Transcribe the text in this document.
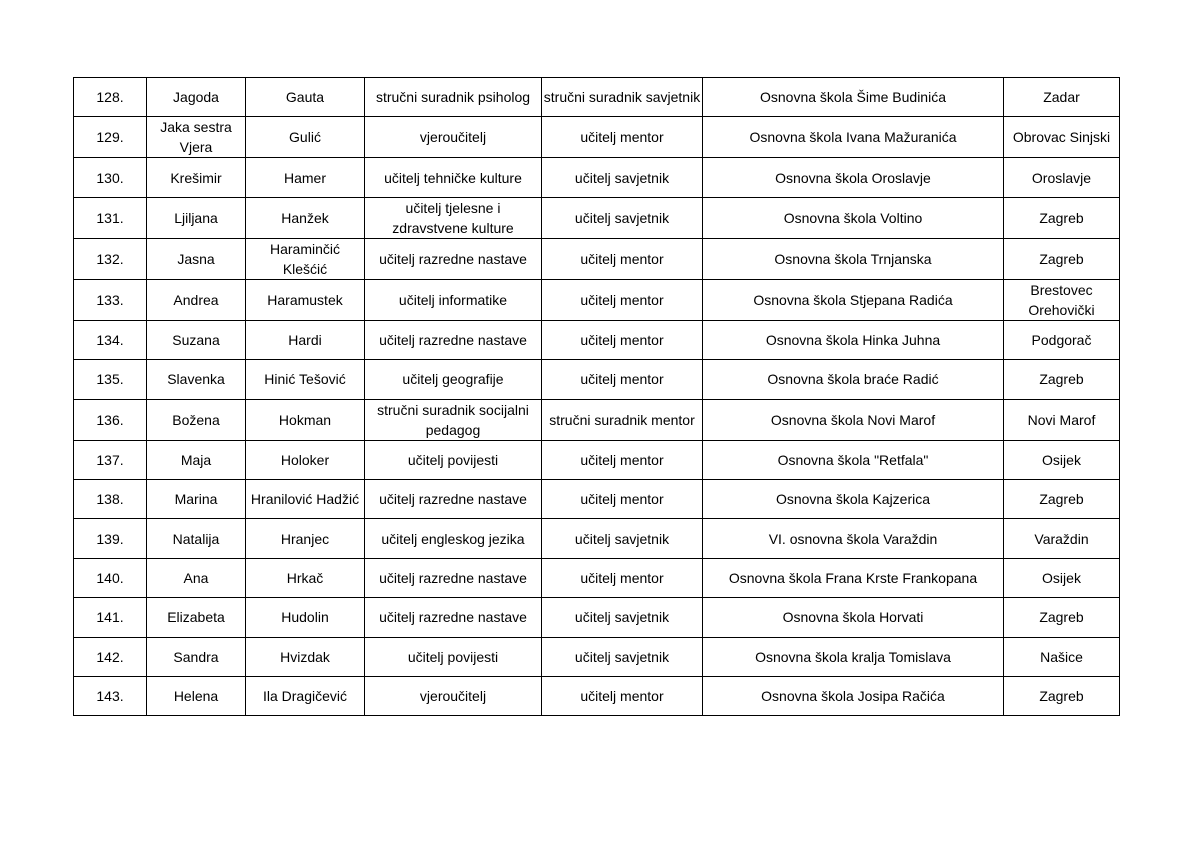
128.	Jagoda	Gauta	stručni suradnik psiholog	stručni suradnik savjetnik	Osnovna škola Šime Budinića	Zadar
129.	Jaka sestra Vjera	Gulić	vjeroučitelj	učitelj mentor	Osnovna škola Ivana Mažuranića	Obrovac Sinjski
130.	Krešimir	Hamer	učitelj tehničke kulture	učitelj savjetnik	Osnovna škola Oroslavje	Oroslavje
131.	Ljiljana	Hanžek	učitelj tjelesne i zdravstvene kulture	učitelj savjetnik	Osnovna škola Voltino	Zagreb
132.	Jasna	Haraminčić Klešćić	učitelj razredne nastave	učitelj mentor	Osnovna škola Trnjanska	Zagreb
133.	Andrea	Haramustek	učitelj informatike	učitelj mentor	Osnovna škola Stjepana Radića	Brestovec Orehovički
134.	Suzana	Hardi	učitelj razredne nastave	učitelj mentor	Osnovna škola Hinka Juhna	Podgorač
135.	Slavenka	Hinić Tešović	učitelj geografije	učitelj mentor	Osnovna škola braće Radić	Zagreb
136.	Božena	Hokman	stručni suradnik socijalni pedagog	stručni suradnik mentor	Osnovna škola Novi Marof	Novi Marof
137.	Maja	Holoker	učitelj povijesti	učitelj mentor	Osnovna škola "Retfala"	Osijek
138.	Marina	Hranilović Hadžić	učitelj razredne nastave	učitelj mentor	Osnovna škola Kajzerica	Zagreb
139.	Natalija	Hranjec	učitelj engleskog jezika	učitelj savjetnik	VI. osnovna škola Varaždin	Varaždin
140.	Ana	Hrkač	učitelj razredne nastave	učitelj mentor	Osnovna škola Frana Krste Frankopana	Osijek
141.	Elizabeta	Hudolin	učitelj razredne nastave	učitelj savjetnik	Osnovna škola Horvati	Zagreb
142.	Sandra	Hvizdak	učitelj povijesti	učitelj savjetnik	Osnovna škola kralja Tomislava	Našice
143.	Helena	Ila Dragičević	vjeroučitelj	učitelj mentor	Osnovna škola Josipa Račića	Zagreb
